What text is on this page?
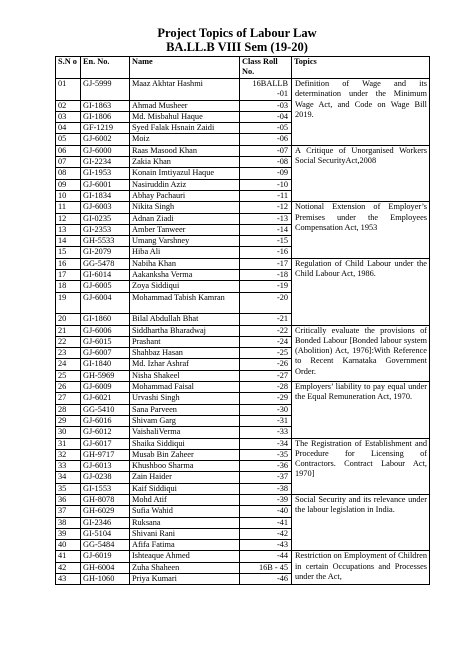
Project Topics of Labour Law
BA.LL.B VIII Sem (19-20)
S.N o	En. No.	Name	Class Roll No.	Topics
01	GJ-5999	Maaz Akhtar Hashmi	16BALLB -01	Definition of Wage and its determination under the Minimum Wage Act, and Code on Wage Bill 2019.

02	GI-1863	Ahmad Musheer	-03	
03	GI-1806	Md. Misbahul Haque	-04	
04	GF-1219	Syed Falak Hsnain Zaidi	-05	
05	GJ-6002	Moiz	-06	
06	GJ-6000	Raas Masood Khan	-07	A Critique of Unorganised Workers Social SecurityAct,2008

07	GI-2234	Zakia Khan	-08	
08	GI-1953	Konain Imtiyazul Haque	-09	
09	GJ-6001	Nasiruddin Aziz	-10	
10	GI-1834	Abhay Pachauri	-11	
11	GJ-6003	Nikita Singh	-12	Notional Extension of Employer’s Premises under the Employees Compensation Act, 1953

12	GI-0235	Adnan Ziadi	-13	
13	GI-2353	Amber Tanweer	-14	
14	GH-5533	Umang Varshney	-15	
15	GI-2079	Hiba Ali	-16	
16	GG-5478	Nabiha Khan	-17	Regulation of Child Labour under the Child Labour Act, 1986.

17	GI-6014	Aakanksha Verma	-18	
18	GJ-6005	Zoya Siddiqui	-19	
19	GJ-6004	Mohammad Tabish Kamran	-20	
20	GI-1860	Bilal Abdullah Bhat	-21	
21	GJ-6006	Siddhartha Bharadwaj	-22	Critically evaluate the provisions of Bonded Labour [Bonded labour system (Abolition) Act, 1976]:With Reference to Recent Karnataka Government Order.

22	GJ-6015	Prashant	-24	
23	GJ-6007	Shahbaz Hasan	-25	
24	GI-1840	Md. Izhar Ashraf	-26	
25	GH-5969	Nisha Shakeel	-27	
26	GJ-6009	Mohammad Faisal	-28	Employers’ liability to pay equal under the Equal Remuneration Act, 1970.

27	GJ-6021	Urvashi Singh	-29	
28	GG-5410	Sana Parveen	-30	
29	GJ-6016	Shivam Garg	-31	
30	GJ-6012	VaishaliVerma	-33	
31	GJ-6017	Shaika Siddiqui	-34	The Registration of Establishment and Procedure for Licensing of Contractors. Contract Labour Act, 1970]

32	GH-9717	Musab Bin Zaheer	-35	
33	GJ-6013	Khushboo Sharma	-36	
34	GJ-0238	Zain Haider	-37	
35	GI-1553	Kaif Siddiqui	-38	
36	GH-8078	Mohd Atif	-39	Social Security and its relevance under the labour legislation in India.

37	GH-6029	Sufia Wahid	-40	
38	GI-2346	Ruksana	-41	
39	GI-5104	Shivani Rani	-42	
40	GG-5484	Afifa Fatima	-43	
41	GJ-6019	Ishteaque Ahmed	-44	Restriction on Employment of Children in certain Occupations and Processes under the Act,

42	GH-6004	Zuha Shaheen	16B - 45	
43	GH-1060	Priya Kumari	-46	
